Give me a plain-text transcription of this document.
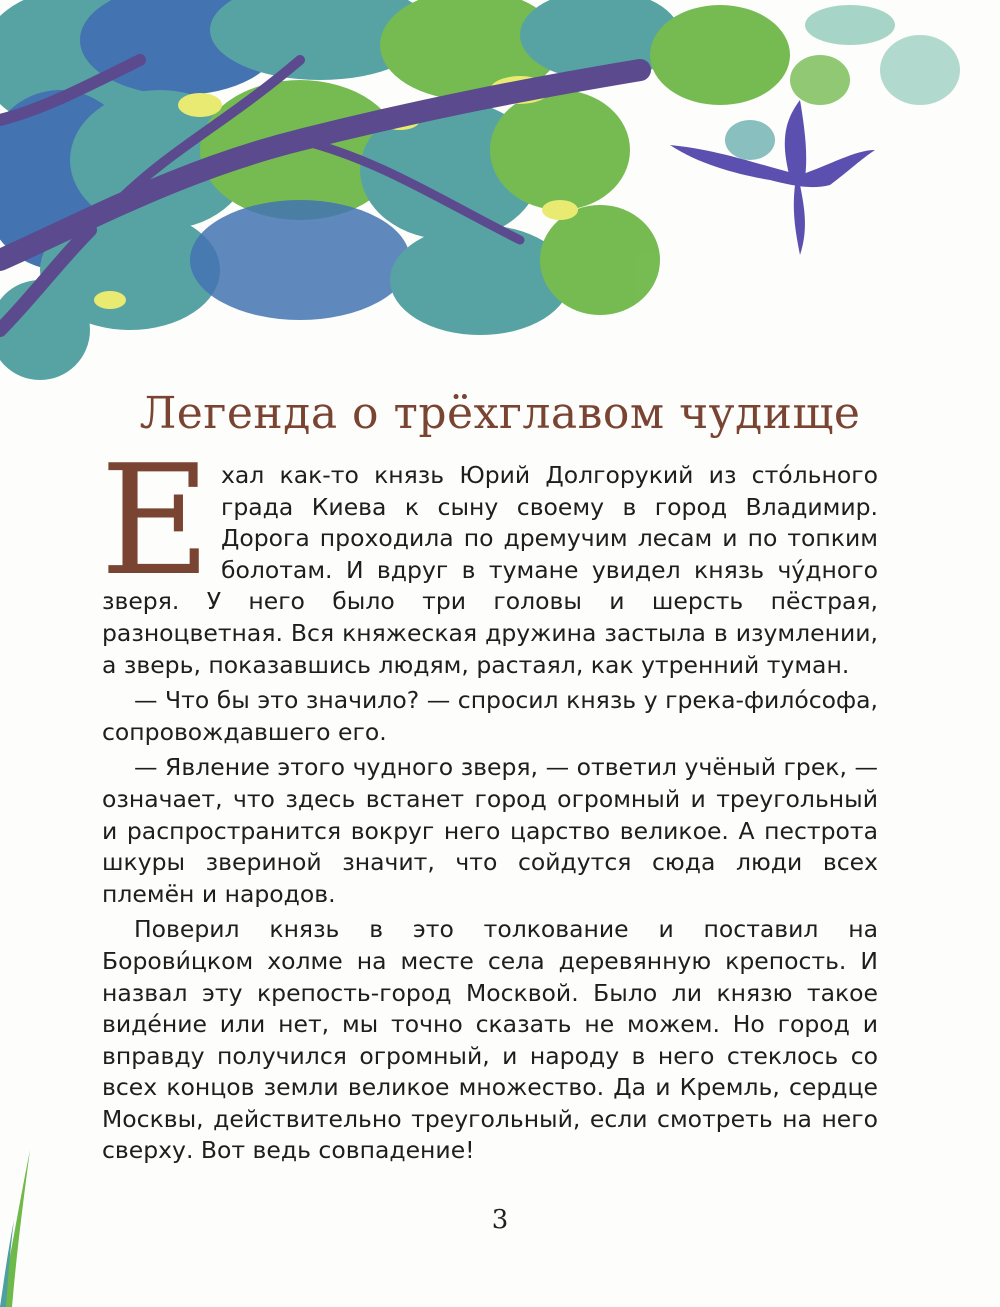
Легенда о трёхглавом чудище
Е хал как-то князь Юрий Долгорукий из сто́льного града Киева к сыну своему в город Владимир. Дорога проходила по дремучим лесам и по топким болотам. И вдруг в тумане увидел князь чу́дного зверя. У него было три головы и шерсть пёстрая, разноцветная. Вся княжеская дружина застыла в изумлении, а зверь, показавшись людям, растаял, как утренний туман.

— Что бы это значило? — спросил князь у грека-фило́софа, сопровождавшего его.

— Явление этого чудного зверя, — ответил учёный грек, — означает, что здесь встанет город огромный и треугольный и распространится вокруг него царство великое. А пестрота шкуры звериной значит, что сойдутся сюда люди всех племён и народов.

Поверил князь в это толкование и поставил на Борови́цком холме на месте села деревянную крепость. И назвал эту крепость-город Москвой. Было ли князю такое виде́ние или нет, мы точно сказать не можем. Но город и вправду получился огромный, и народу в него стеклось со всех концов земли великое множество. Да и Кремль, сердце Москвы, действительно треугольный, если смотреть на него сверху. Вот ведь совпадение!

3
